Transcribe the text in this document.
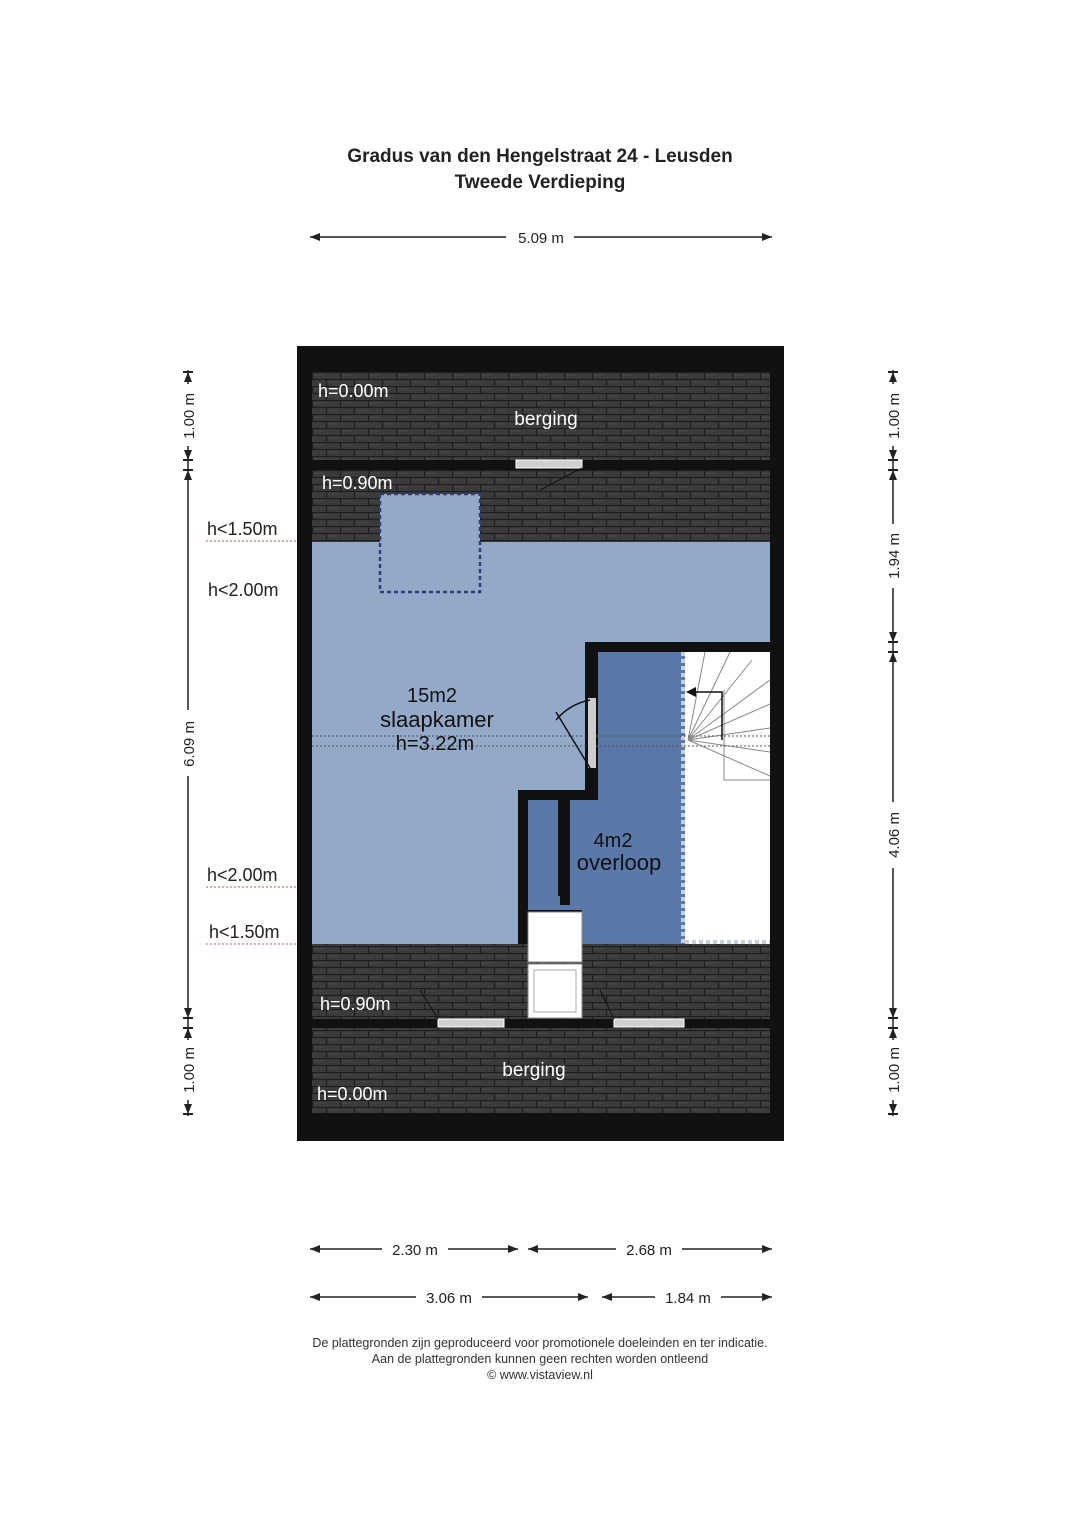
Gradus van den Hengelstraat 24 - Leusden
Tweede Verdieping
5.09 m
berging
berging
15m2
slaapkamer
h=3.22m
4m2
overloop
h=0.00m
h=0.90m
h=0.90m
h=0.00m
h<1.50m
h<2.00m
h<2.00m
h<1.50m
1.00 m
6.09 m
1.00 m
1.00 m
1.94 m
4.06 m
1.00 m
2.30 m	2.68 m
3.06 m	1.84 m
De plattegronden zijn geproduceerd voor promotionele doeleinden en ter indicatie.
Aan de plattegronden kunnen geen rechten worden ontleend
© www.vistaview.nl
